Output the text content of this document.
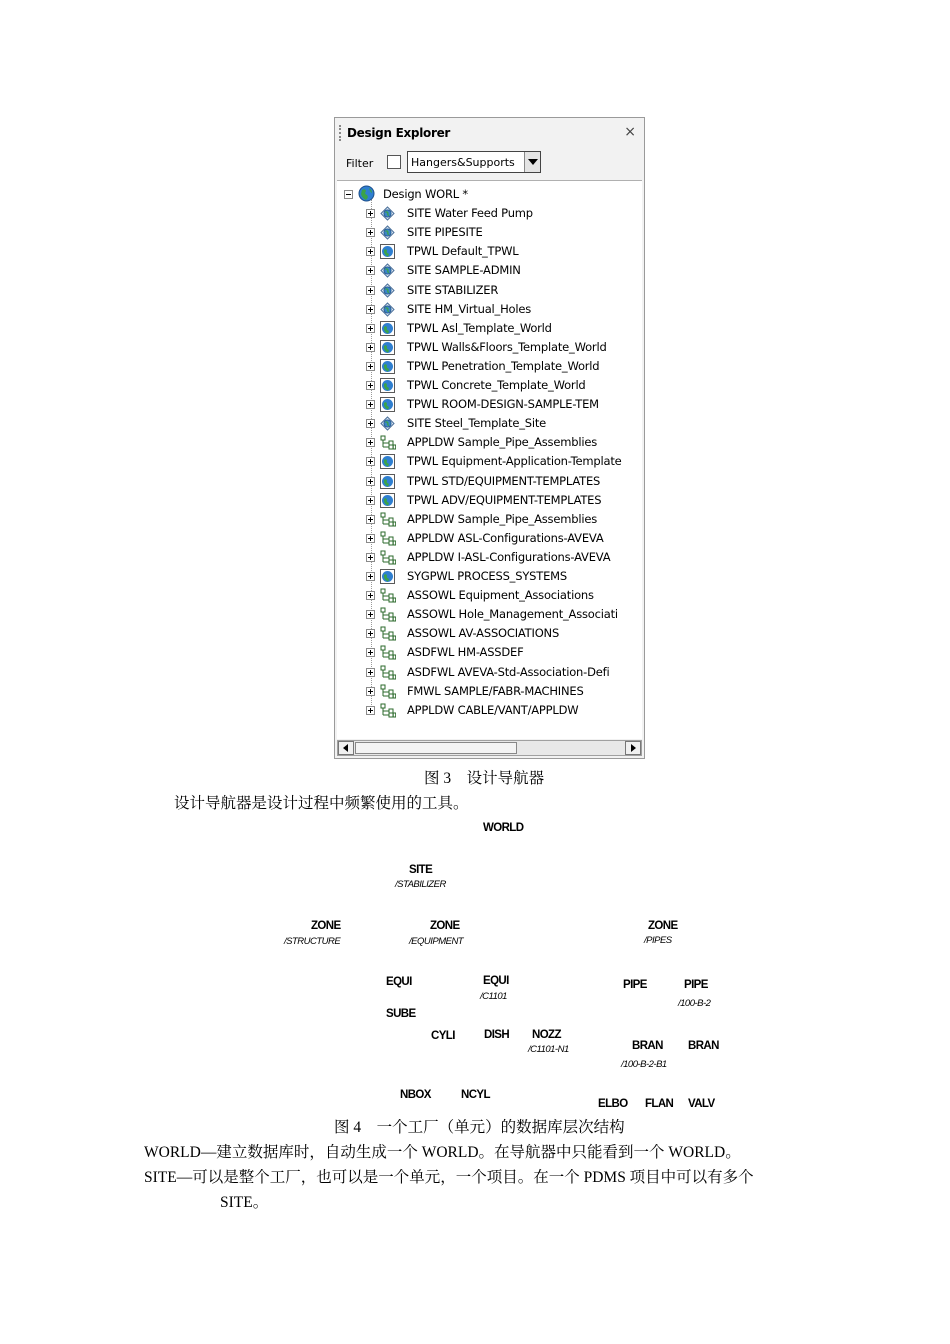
Design Explorer	×
Filter	Hangers&Supports
Design WORL *
SITE Water Feed Pump
SITE PIPESITE
TPWL Default_TPWL
SITE SAMPLE-ADMIN
SITE STABILIZER
SITE HM_Virtual_Holes
TPWL Asl_Template_World
TPWL Walls&Floors_Template_World
TPWL Penetration_Template_World
TPWL Concrete_Template_World
TPWL ROOM-DESIGN-SAMPLE-TEM
SITE Steel_Template_Site
APPLDW Sample_Pipe_Assemblies
TPWL Equipment-Application-Template
TPWL STD/EQUIPMENT-TEMPLATES
TPWL ADV/EQUIPMENT-TEMPLATES
APPLDW Sample_Pipe_Assemblies
APPLDW ASL-Configurations-AVEVA
APPLDW I-ASL-Configurations-AVEVA
SYGPWL PROCESS_SYSTEMS
ASSOWL Equipment_Associations
ASSOWL Hole_Management_Associati
ASSOWL AV-ASSOCIATIONS
ASDFWL HM-ASSDEF
ASDFWL AVEVA-Std-Association-Defi
FMWL SAMPLE/FABR-MACHINES
APPLDW CABLE/VANT/APPLDW
图 3　设计导航器
设计导航器是设计过程中频繁使用的工具。
WORLD
SITE
/STABILIZER
ZONE
/STRUCTURE
ZONE
/EQUIPMENT
ZONE
/PIPES
EQUI	EQUI
/C1101
PIPE	PIPE
/100-B-2
SUBE
CYLI	DISH NOZZ
/C1101-N1	BRAN
/100-B-2-B1
BRAN
NBOX	NCYL
ELBO FLAN VALV
图 4　一个工厂（单元）的数据库层次结构
WORLD—建立数据库时，自动生成一个 WORLD。在导航器中只能看到一个 WORLD。
SITE—可以是整个工厂，也可以是一个单元，一个项目。在一个 PDMS 项目中可以有多个
SITE。
